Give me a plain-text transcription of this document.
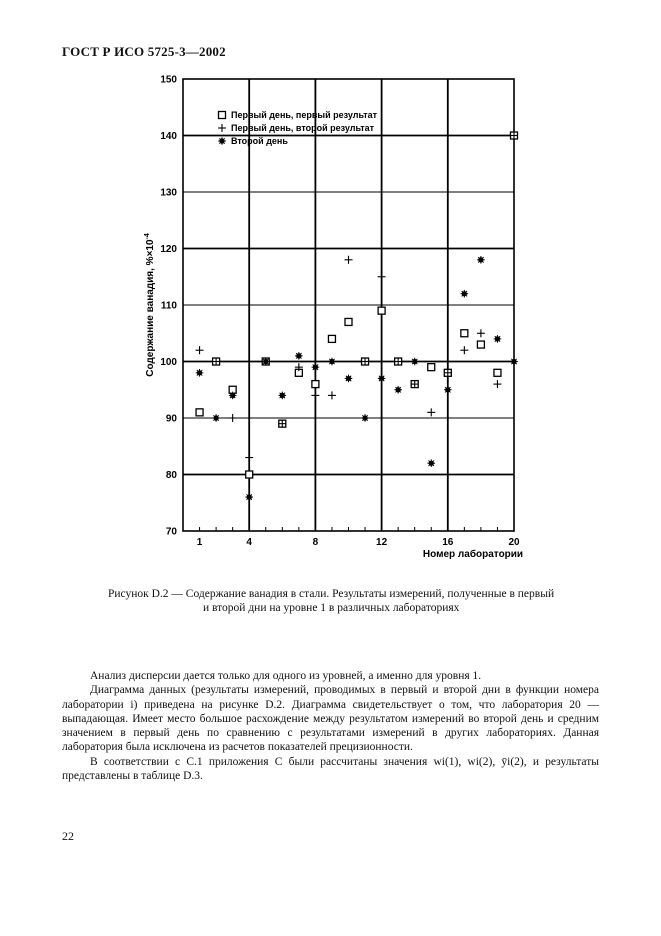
ГОСТ Р ИСО 5725-3—2002
70
80
90
100
110
120
130
140
150
1	4	8	12	16	20
Содержание ванадия, $\%\times 10^{-4}$
Номер лаборатории
Первый день, первый результат
Первый день, второй результат
Второй день
Рисунок D.2 — Содержание ванадия в стали. Результаты измерений, полученные в первый
и второй дни на уровне 1 в различных лабораториях

Анализ дисперсии дается только для одного из уровней, а именно для уровня 1.

Диаграмма данных (результаты измерений, проводимых в первый и второй дни в функции номера лаборатории i) приведена на рисунке D.2. Диаграмма свидетельствует о том, что лаборатория 20 — выпадающая. Имеет место большое расхождение между результатом измерений во второй день и средним значением в первый день по сравнению с результатами измерений в других лабораториях. Данная лаборатория была исключена из расчетов показателей прецизионности.

В соответствии с С.1 приложения С были рассчитаны значения wi(1), wi(2), ȳi(2), и результаты представлены в таблице D.3.

22
